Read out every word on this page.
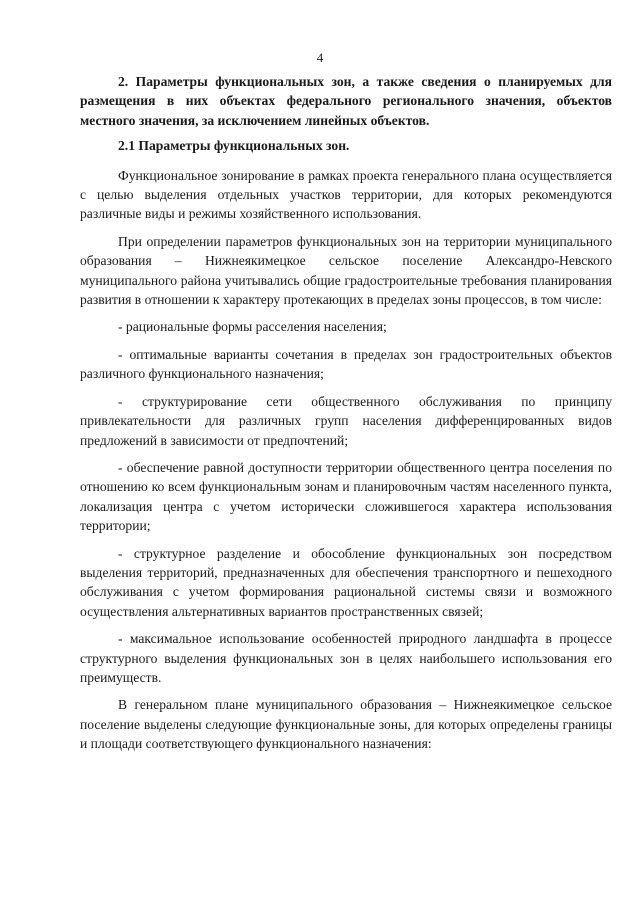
4

2. Параметры функциональных зон, а также сведения о планируемых для размещения в них объектах федерального регионального значения, объектов местного значения, за исключением линейных объектов.

2.1 Параметры функциональных зон.

Функциональное зонирование в рамках проекта генерального плана осуществляется с целью выделения отдельных участков территории, для которых рекомендуются различные виды и режимы хозяйственного использования.

При определении параметров функциональных зон на территории муниципального образования – Нижнеякимецкое сельское поселение Александро-Невского муниципального района учитывались общие градостроительные требования планирования развития в отношении к характеру протекающих в пределах зоны процессов, в том числе:

- рациональные формы расселения населения;

- оптимальные варианты сочетания в пределах зон градостроительных объектов различного функционального назначения;

- структурирование сети общественного обслуживания по принципу привлекательности для различных групп населения дифференцированных видов предложений в зависимости от предпочтений;

- обеспечение равной доступности территории общественного центра поселения по отношению ко всем функциональным зонам и планировочным частям населенного пункта, локализация центра с учетом исторически сложившегося характера использования территории;

- структурное разделение и обособление функциональных зон посредством выделения территорий, предназначенных для обеспечения транспортного и пешеходного обслуживания с учетом формирования рациональной системы связи и возможного осуществления альтернативных вариантов пространственных связей;

- максимальное использование особенностей природного ландшафта в процессе структурного выделения функциональных зон в целях наибольшего использования его преимуществ.

В генеральном плане муниципального образования – Нижнеякимецкое сельское поселение выделены следующие функциональные зоны, для которых определены границы и площади соответствующего функционального назначения:
